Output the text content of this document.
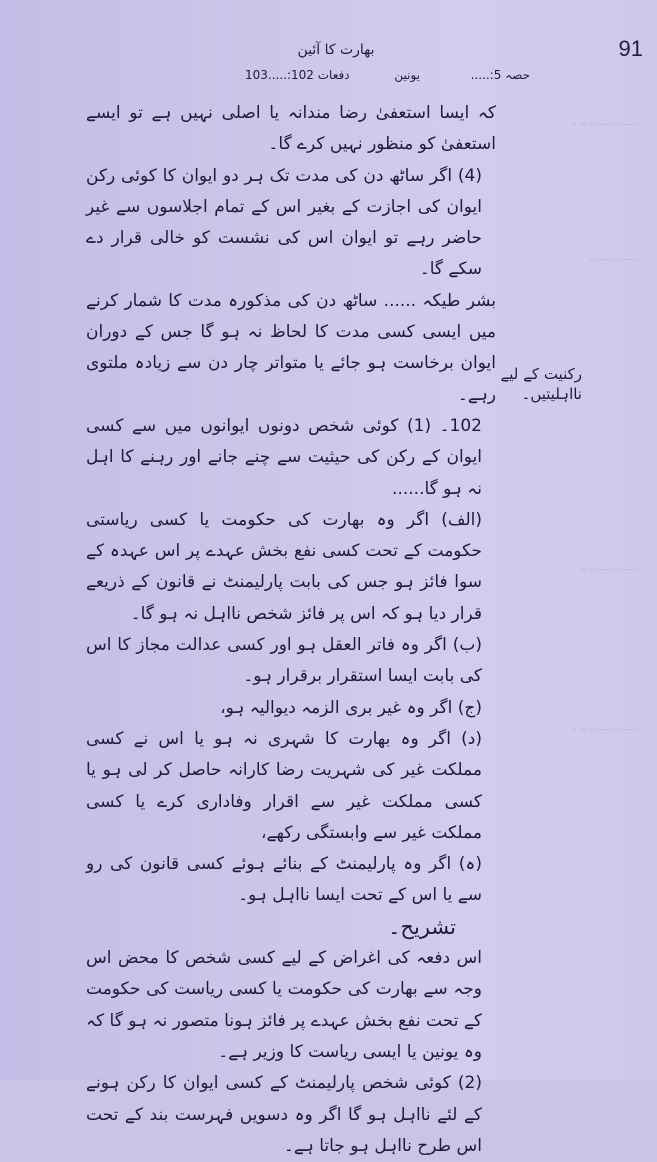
ـ ـــ ـ ـ ـــ ـ ــ ـ
ـ ـــ ـ ـ ـــ ـ
ـ ـــ ـ ـ ـــ ـ ــ
ـ ـــ ـ ـ ـــ ـ ــ ـ
91
بھارت کا آئین
حصہ 5:.....
یونین
دفعات 102:.....103

کہ ایسا استعفیٰ رضا مندانہ یا اصلی نہیں ہے تو ایسے استعفیٰ کو منظور نہیں کرے گا۔

(4) اگر ساٹھ دن کی مدت تک ہر دو ایوان کا کوئی رکن ایوان کی اجازت کے بغیر اس کے تمام اجلاسوں سے غیر حاضر رہے تو ایوان اس کی نشست کو خالی قرار دے سکے گا۔

بشر طیکہ ...... ساٹھ دن کی مذکورہ مدت کا شمار کرنے میں ایسی کسی مدت کا لحاظ نہ ہو گا جس کے دوران ایوان برخاست ہو جائے یا متواتر چار دن سے زیادہ ملتوی رہے۔

102۔ (1) کوئی شخص دونوں ایوانوں میں سے کسی ایوان کے رکن کی حیثیت سے چنے جانے اور رہنے کا اہل نہ ہو گا......

(الف) اگر وہ بھارت کی حکومت یا کسی ریاستی حکومت کے تحت کسی نفع بخش عہدے پر اس عہدہ کے سوا فائز ہو جس کی بابت پارلیمنٹ نے قانون کے ذریعے قرار دیا ہو کہ اس پر فائز شخص نااہل نہ ہو گا۔

(ب) اگر وہ فاتر العقل ہو اور کسی عدالت مجاز کا اس کی بابت ایسا استقرار برقرار ہو۔

(ج) اگر وہ غیر بری الزمہ دیوالیہ ہو،

(د) اگر وہ بھارت کا شہری نہ ہو یا اس نے کسی مملکت غیر کی شہریت رضا کارانہ حاصل کر لی ہو یا کسی مملکت غیر سے اقرار وفاداری کرے یا کسی مملکت غیر سے وابستگی رکھے،

(ہ) اگر وہ پارلیمنٹ کے بنائے ہوئے کسی قانون کی رو سے یا اس کے تحت ایسا نااہل ہو۔

تشریح۔

اس دفعہ کی اغراض کے لیے کسی شخص کا محض اس وجہ سے بھارت کی حکومت یا کسی ریاست کی حکومت کے تحت نفع بخش عہدے پر فائز ہونا متصور نہ ہو گا کہ وہ یونین یا ایسی ریاست کا وزیر ہے۔

(2) کوئی شخص پارلیمنٹ کے کسی ایوان کا رکن ہونے کے لئے نااہل ہو گا اگر وہ دسویں فہرست بند کے تحت اس طرح نااہل ہو جاتا ہے۔

رکنیت کے لیے
نااہلیتیں۔
